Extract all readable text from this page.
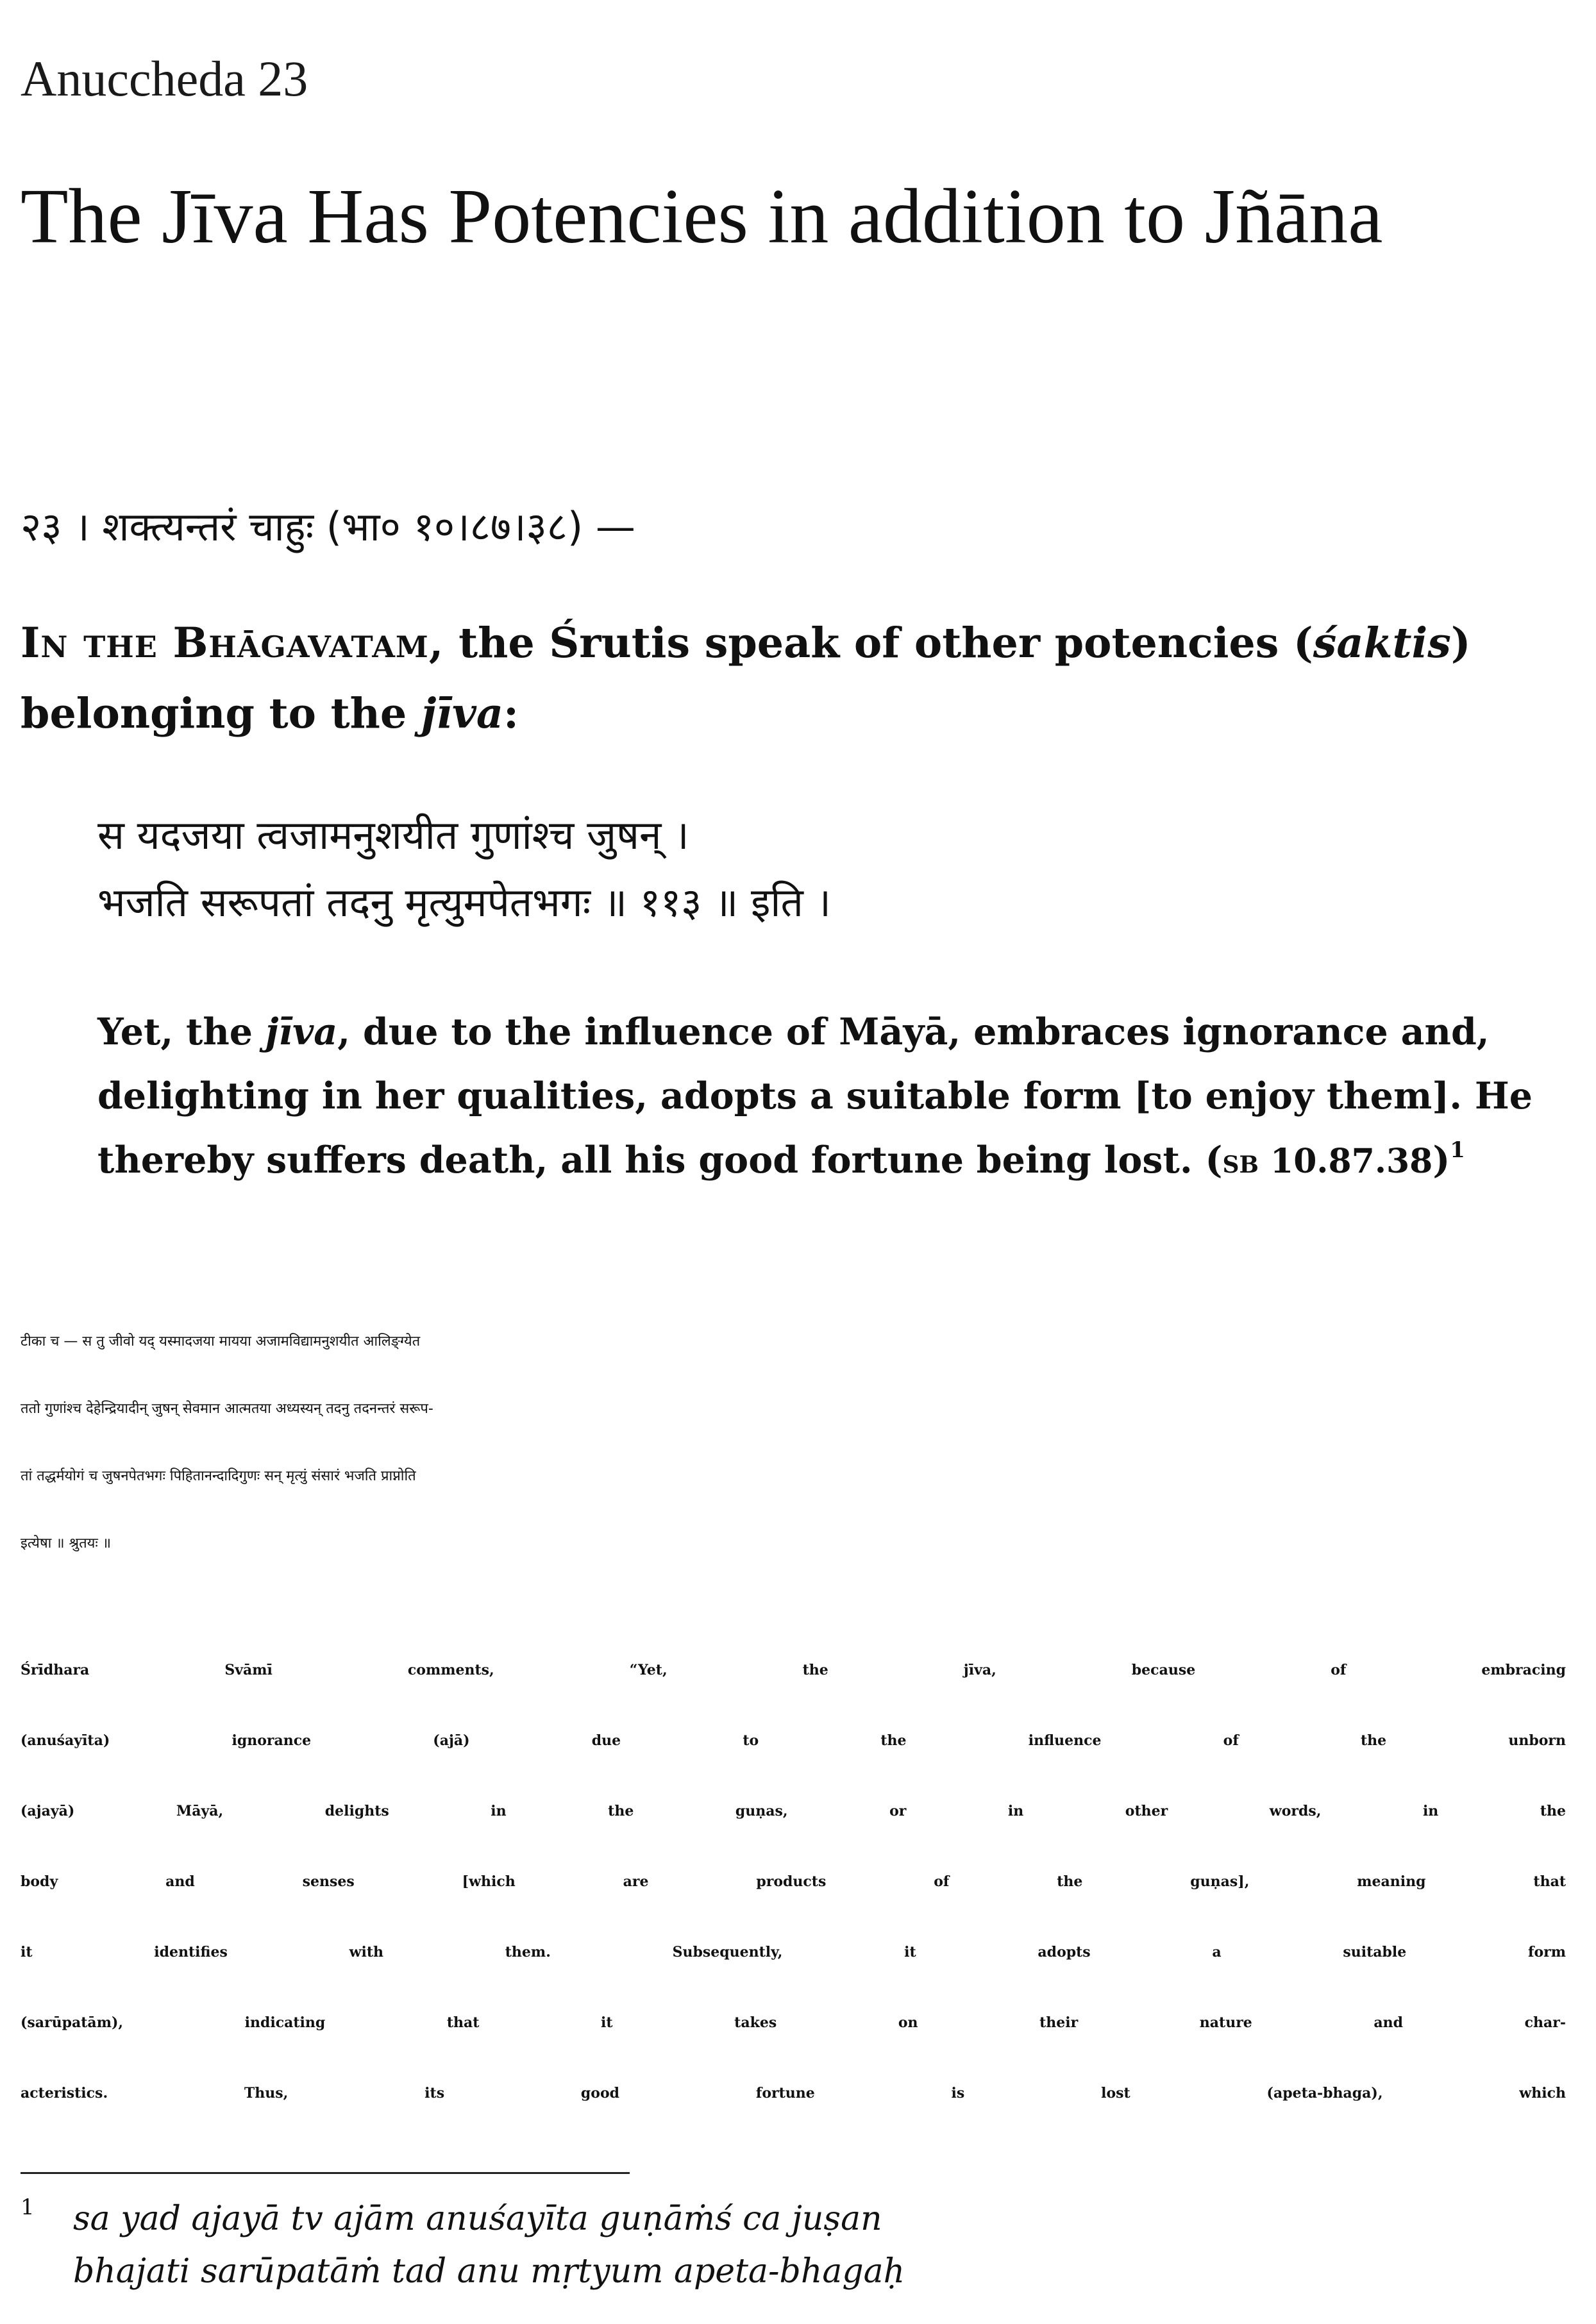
Anuccheda 23
The Jīva Has Potencies in addition to Jñāna
२३ । शक्त्यन्तरं चाहुः (भा० १०।८७।३८) —
In the Bhāgavatam, the Śrutis speak of other potencies (śaktis) belonging to the jīva:
स यदजया त्वजामनुशयीत गुणांश्च जुषन् ।
भजति सरूपतां तदनु मृत्युमपेतभगः ॥ ११३ ॥ इति ।
Yet, the jīva, due to the influence of Māyā, embraces ignorance and, delighting in her qualities, adopts a suitable form [to enjoy them]. He thereby suffers death, all his good fortune being lost. (sb 10.87.38)$^1$
टीका च — स तु जीवो यद् यस्मादजया मायया अजामविद्यामनुशयीत आलिङ्ग्येत
ततो गुणांश्च देहेन्द्रियादीन् जुषन् सेवमान आत्मतया अध्यस्यन् तदनु तदनन्तरं सरूप-
तां तद्धर्मयोगं च जुषनपेतभगः पिहितानन्दादिगुणः सन् मृत्युं संसारं भजति प्राप्नोति
इत्येषा ॥ श्रुतयः ॥
Śrīdhara Svāmī comments, “Yet, the jīva, because of embracing
(anuśayīta) ignorance (ajā) due to the influence of the unborn
(ajayā) Māyā, delights in the guṇas, or in other words, in the
body and senses [which are products of the guṇas], meaning that
it identifies with them. Subsequently, it adopts a suitable form
(sarūpatām), indicating that it takes on their nature and char-
acteristics. Thus, its good fortune is lost (apeta-bhaga), which
1 sa yad ajayā tv ajām anuśayīta guṇāṁś ca juṣan
bhajati sarūpatāṁ tad anu mṛtyum apeta-bhagaḥ
